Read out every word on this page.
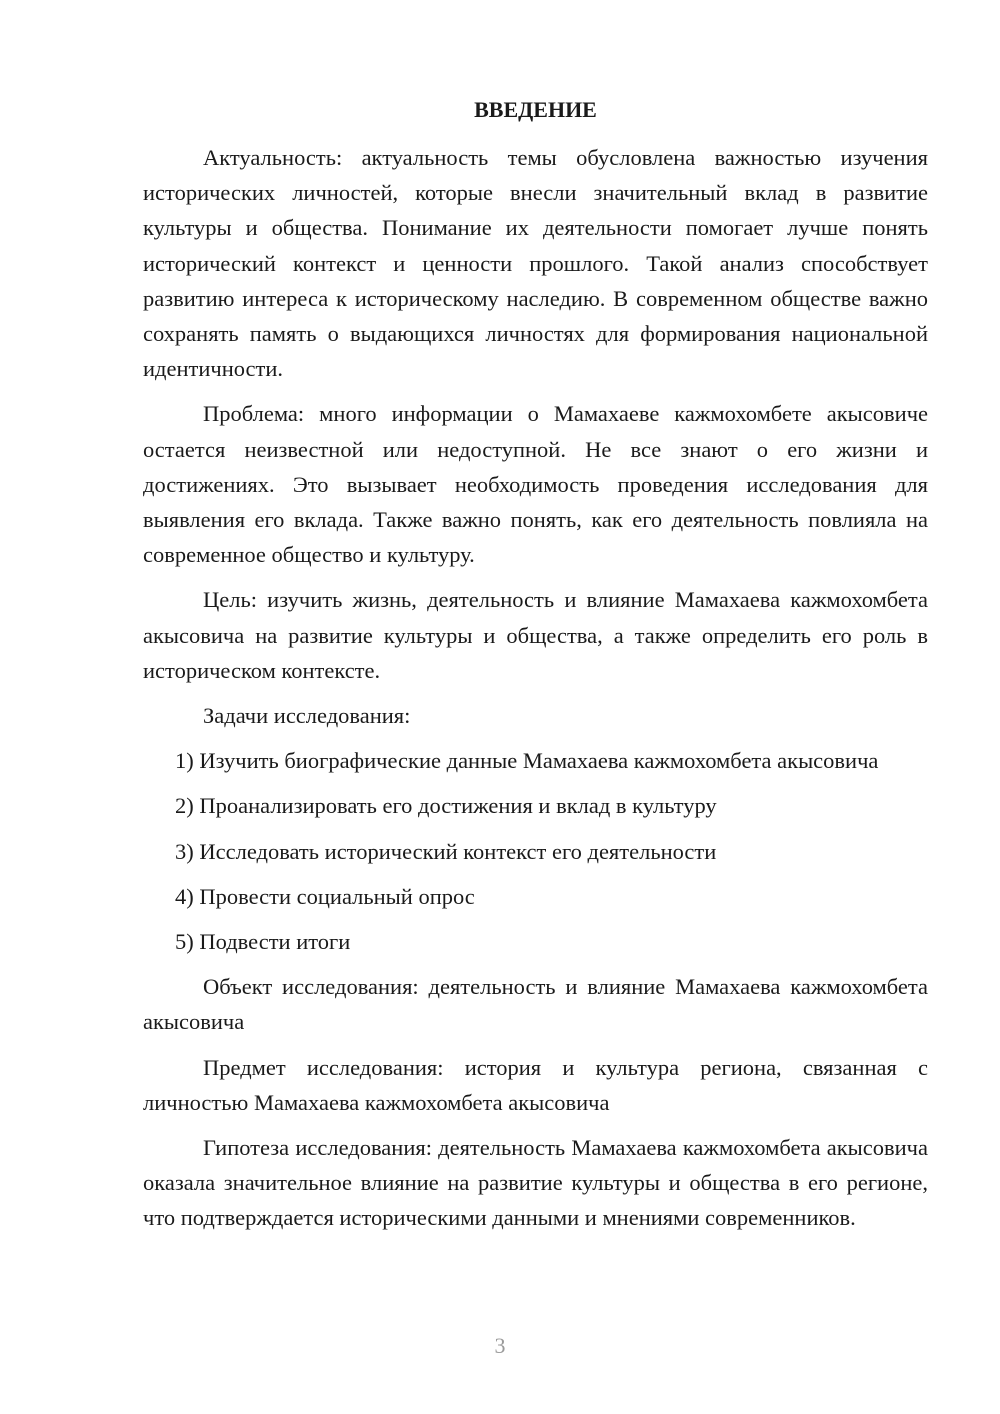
ВВЕДЕНИЕ

Актуальность: актуальность темы обусловлена важностью изучения исторических личностей, которые внесли значительный вклад в развитие культуры и общества. Понимание их деятельности помогает лучше понять исторический контекст и ценности прошлого. Такой анализ способствует развитию интереса к историческому наследию. В современном обществе важно сохранять память о выдающихся личностях для формирования национальной идентичности.

Проблема: много информации о Мамахаеве кажмохомбете акысовиче остается неизвестной или недоступной. Не все знают о его жизни и достижениях. Это вызывает необходимость проведения исследования для выявления его вклада. Также важно понять, как его деятельность повлияла на современное общество и культуру.

Цель: изучить жизнь, деятельность и влияние Мамахаева кажмохомбета акысовича на развитие культуры и общества, а также определить его роль в историческом контексте.

Задачи исследования:

1) Изучить биографические данные Мамахаева кажмохомбета акысовича

2) Проанализировать его достижения и вклад в культуру

3) Исследовать исторический контекст его деятельности

4) Провести социальный опрос

5) Подвести итоги

Объект исследования: деятельность и влияние Мамахаева кажмохомбета акысовича

Предмет исследования: история и культура региона, связанная с личностью Мамахаева кажмохомбета акысовича

Гипотеза исследования: деятельность Мамахаева кажмохомбета акысовича оказала значительное влияние на развитие культуры и общества в его регионе, что подтверждается историческими данными и мнениями современников.

3
